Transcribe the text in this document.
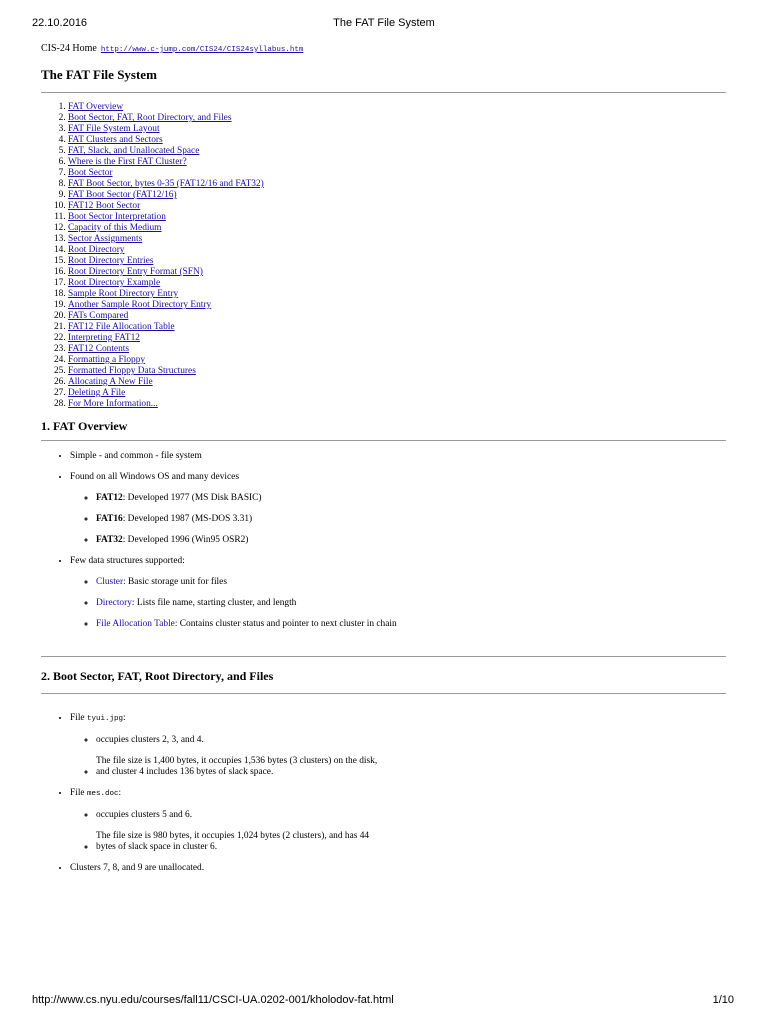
22.10.2016	The FAT File System
CIS-24 Home http://www.c-jump.com/CIS24/CIS24syllabus.htm
The FAT File System
1. FAT Overview
2. Boot Sector, FAT, Root Directory, and Files
3. FAT File System Layout
4. FAT Clusters and Sectors
5. FAT, Slack, and Unallocated Space
6. Where is the First FAT Cluster?
7. Boot Sector
8. FAT Boot Sector, bytes 0-35 (FAT12/16 and FAT32)
9. FAT Boot Sector (FAT12/16)
10. FAT12 Boot Sector
11. Boot Sector Interpretation
12. Capacity of this Medium
13. Sector Assignments
14. Root Directory
15. Root Directory Entries
16. Root Directory Entry Format (SFN)
17. Root Directory Example
18. Sample Root Directory Entry
19. Another Sample Root Directory Entry
20. FATs Compared
21. FAT12 File Allocation Table
22. Interpreting FAT12
23. FAT12 Contents
24. Formatting a Floppy
25. Formatted Floppy Data Structures
26. Allocating A New File
27. Deleting A File
28. For More Information...
1. FAT Overview
• Simple - and common - file system
• Found on all Windows OS and many devices
◦ FAT12: Developed 1977 (MS Disk BASIC)
◦ FAT16: Developed 1987 (MS-DOS 3.31)
◦ FAT32: Developed 1996 (Win95 OSR2)
• Few data structures supported:
◦ Cluster: Basic storage unit for files
◦ Directory: Lists file name, starting cluster, and length
◦ File Allocation Table: Contains cluster status and pointer to next cluster in chain
2. Boot Sector, FAT, Root Directory, and Files
• File tyui.jpg:
◦ occupies clusters 2, 3, and 4.
◦ The file size is 1,400 bytes, it occupies 1,536 bytes (3 clusters) on the disk, and cluster 4 includes 136 bytes of slack space.
• File mes.doc:
◦ occupies clusters 5 and 6.
◦ The file size is 980 bytes, it occupies 1,024 bytes (2 clusters), and has 44 bytes of slack space in cluster 6.
• Clusters 7, 8, and 9 are unallocated.
http://www.cs.nyu.edu/courses/fall11/CSCI-UA.0202-001/kholodov-fat.html	1/10
